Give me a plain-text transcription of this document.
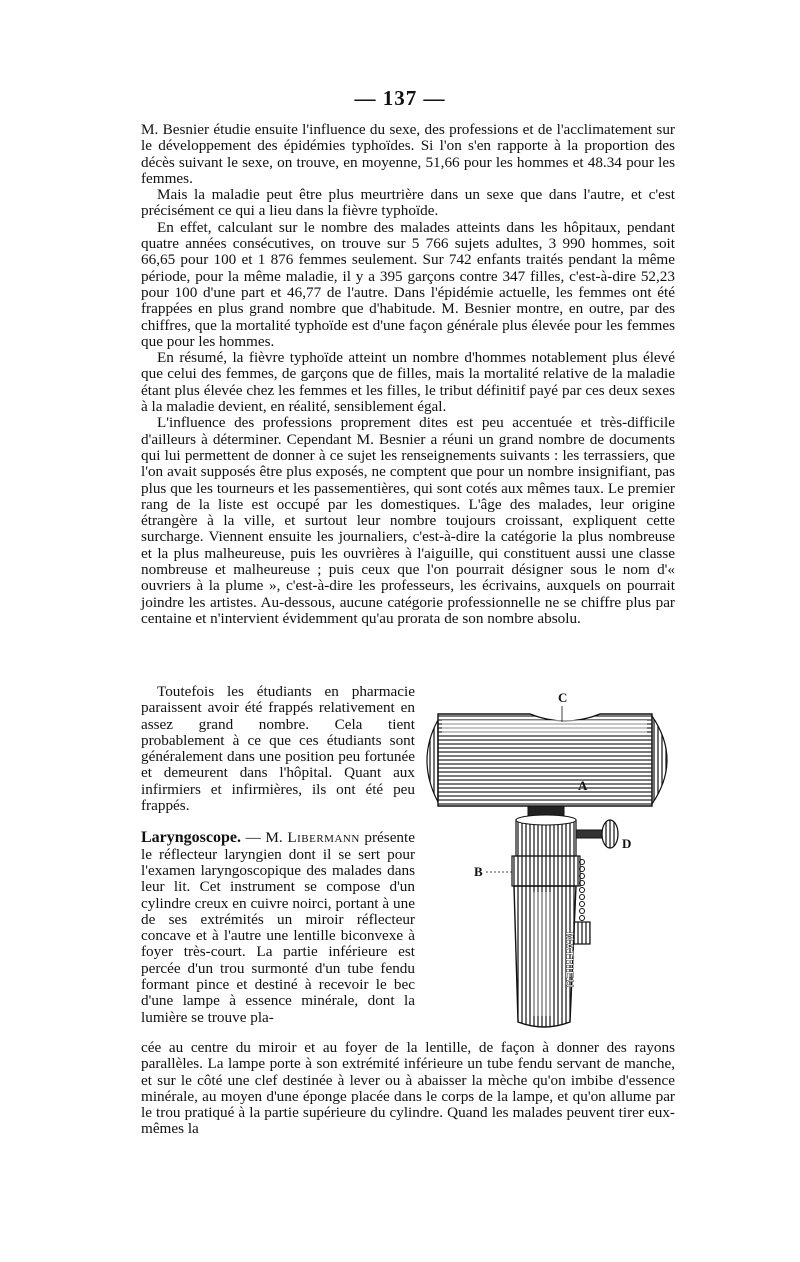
— 137 —

M. Besnier étudie ensuite l'influence du sexe, des professions et de l'acclimatement sur le développement des épidémies typhoïdes. Si l'on s'en rapporte à la proportion des décès suivant le sexe, on trouve, en moyenne, 51,66 pour les hommes et 48.34 pour les femmes.

Mais la maladie peut être plus meurtrière dans un sexe que dans l'autre, et c'est précisément ce qui a lieu dans la fièvre typhoïde.

En effet, calculant sur le nombre des malades atteints dans les hôpitaux, pendant quatre années consécutives, on trouve sur 5 766 sujets adultes, 3 990 hommes, soit 66,65 pour 100 et 1 876 femmes seulement. Sur 742 enfants traités pendant la même période, pour la même maladie, il y a 395 garçons contre 347 filles, c'est-à-dire 52,23 pour 100 d'une part et 46,77 de l'autre. Dans l'épidémie actuelle, les femmes ont été frappées en plus grand nombre que d'habitude. M. Besnier montre, en outre, par des chiffres, que la mortalité typhoïde est d'une façon générale plus élevée pour les femmes que pour les hommes.

En résumé, la fièvre typhoïde atteint un nombre d'hommes notablement plus élevé que celui des femmes, de garçons que de filles, mais la mortalité relative de la maladie étant plus élevée chez les femmes et les filles, le tribut définitif payé par ces deux sexes à la maladie devient, en réalité, sensiblement égal.

L'influence des professions proprement dites est peu accentuée et très-difficile d'ailleurs à déterminer. Cependant M. Besnier a réuni un grand nombre de documents qui lui permettent de donner à ce sujet les renseignements suivants : les terrassiers, que l'on avait supposés être plus exposés, ne comptent que pour un nombre insignifiant, pas plus que les tourneurs et les passementières, qui sont cotés aux mêmes taux. Le premier rang de la liste est occupé par les domestiques. L'âge des malades, leur origine étrangère à la ville, et surtout leur nombre toujours croissant, expliquent cette surcharge. Viennent ensuite les journaliers, c'est-à-dire la catégorie la plus nombreuse et la plus malheureuse, puis les ouvrières à l'aiguille, qui constituent aussi une classe nombreuse et malheureuse ; puis ceux que l'on pourrait désigner sous le nom d'« ouvriers à la plume », c'est-à-dire les professeurs, les écrivains, auxquels on pourrait joindre les artistes. Au-dessous, aucune catégorie professionnelle ne se chiffre plus par centaine et n'intervient évidemment qu'au prorata de son nombre absolu.

Toutefois les étudiants en pharmacie paraissent avoir été frappés relativement en assez grand nombre. Cela tient probablement à ce que ces étudiants sont généralement dans une position peu fortunée et demeurent dans l'hôpital. Quant aux infirmiers et infirmières, ils ont été peu frappés.

Laryngoscope. — M. Libermann présente le réflecteur laryngien dont il se sert pour l'examen laryngoscopique des malades dans leur lit. Cet instrument se compose d'un cylindre creux en cuivre noirci, portant à une de ses extrémités un miroir réflecteur concave et à l'autre une lentille biconvexe à foyer très-court. La partie inférieure est percée d'un trou surmonté d'un tube fendu formant pince et destiné à recevoir le bec d'une lampe à essence minérale, dont la lumière se trouve pla-

C
A
D
B
MATHIEU

cée au centre du miroir et au foyer de la lentille, de façon à donner des rayons parallèles. La lampe porte à son extrémité inférieure un tube fendu servant de manche, et sur le côté une clef destinée à lever ou à abaisser la mèche qu'on imbibe d'essence minérale, au moyen d'une éponge placée dans le corps de la lampe, et qu'on allume par le trou pratiqué à la partie supérieure du cylindre. Quand les malades peuvent tirer eux-mêmes la
